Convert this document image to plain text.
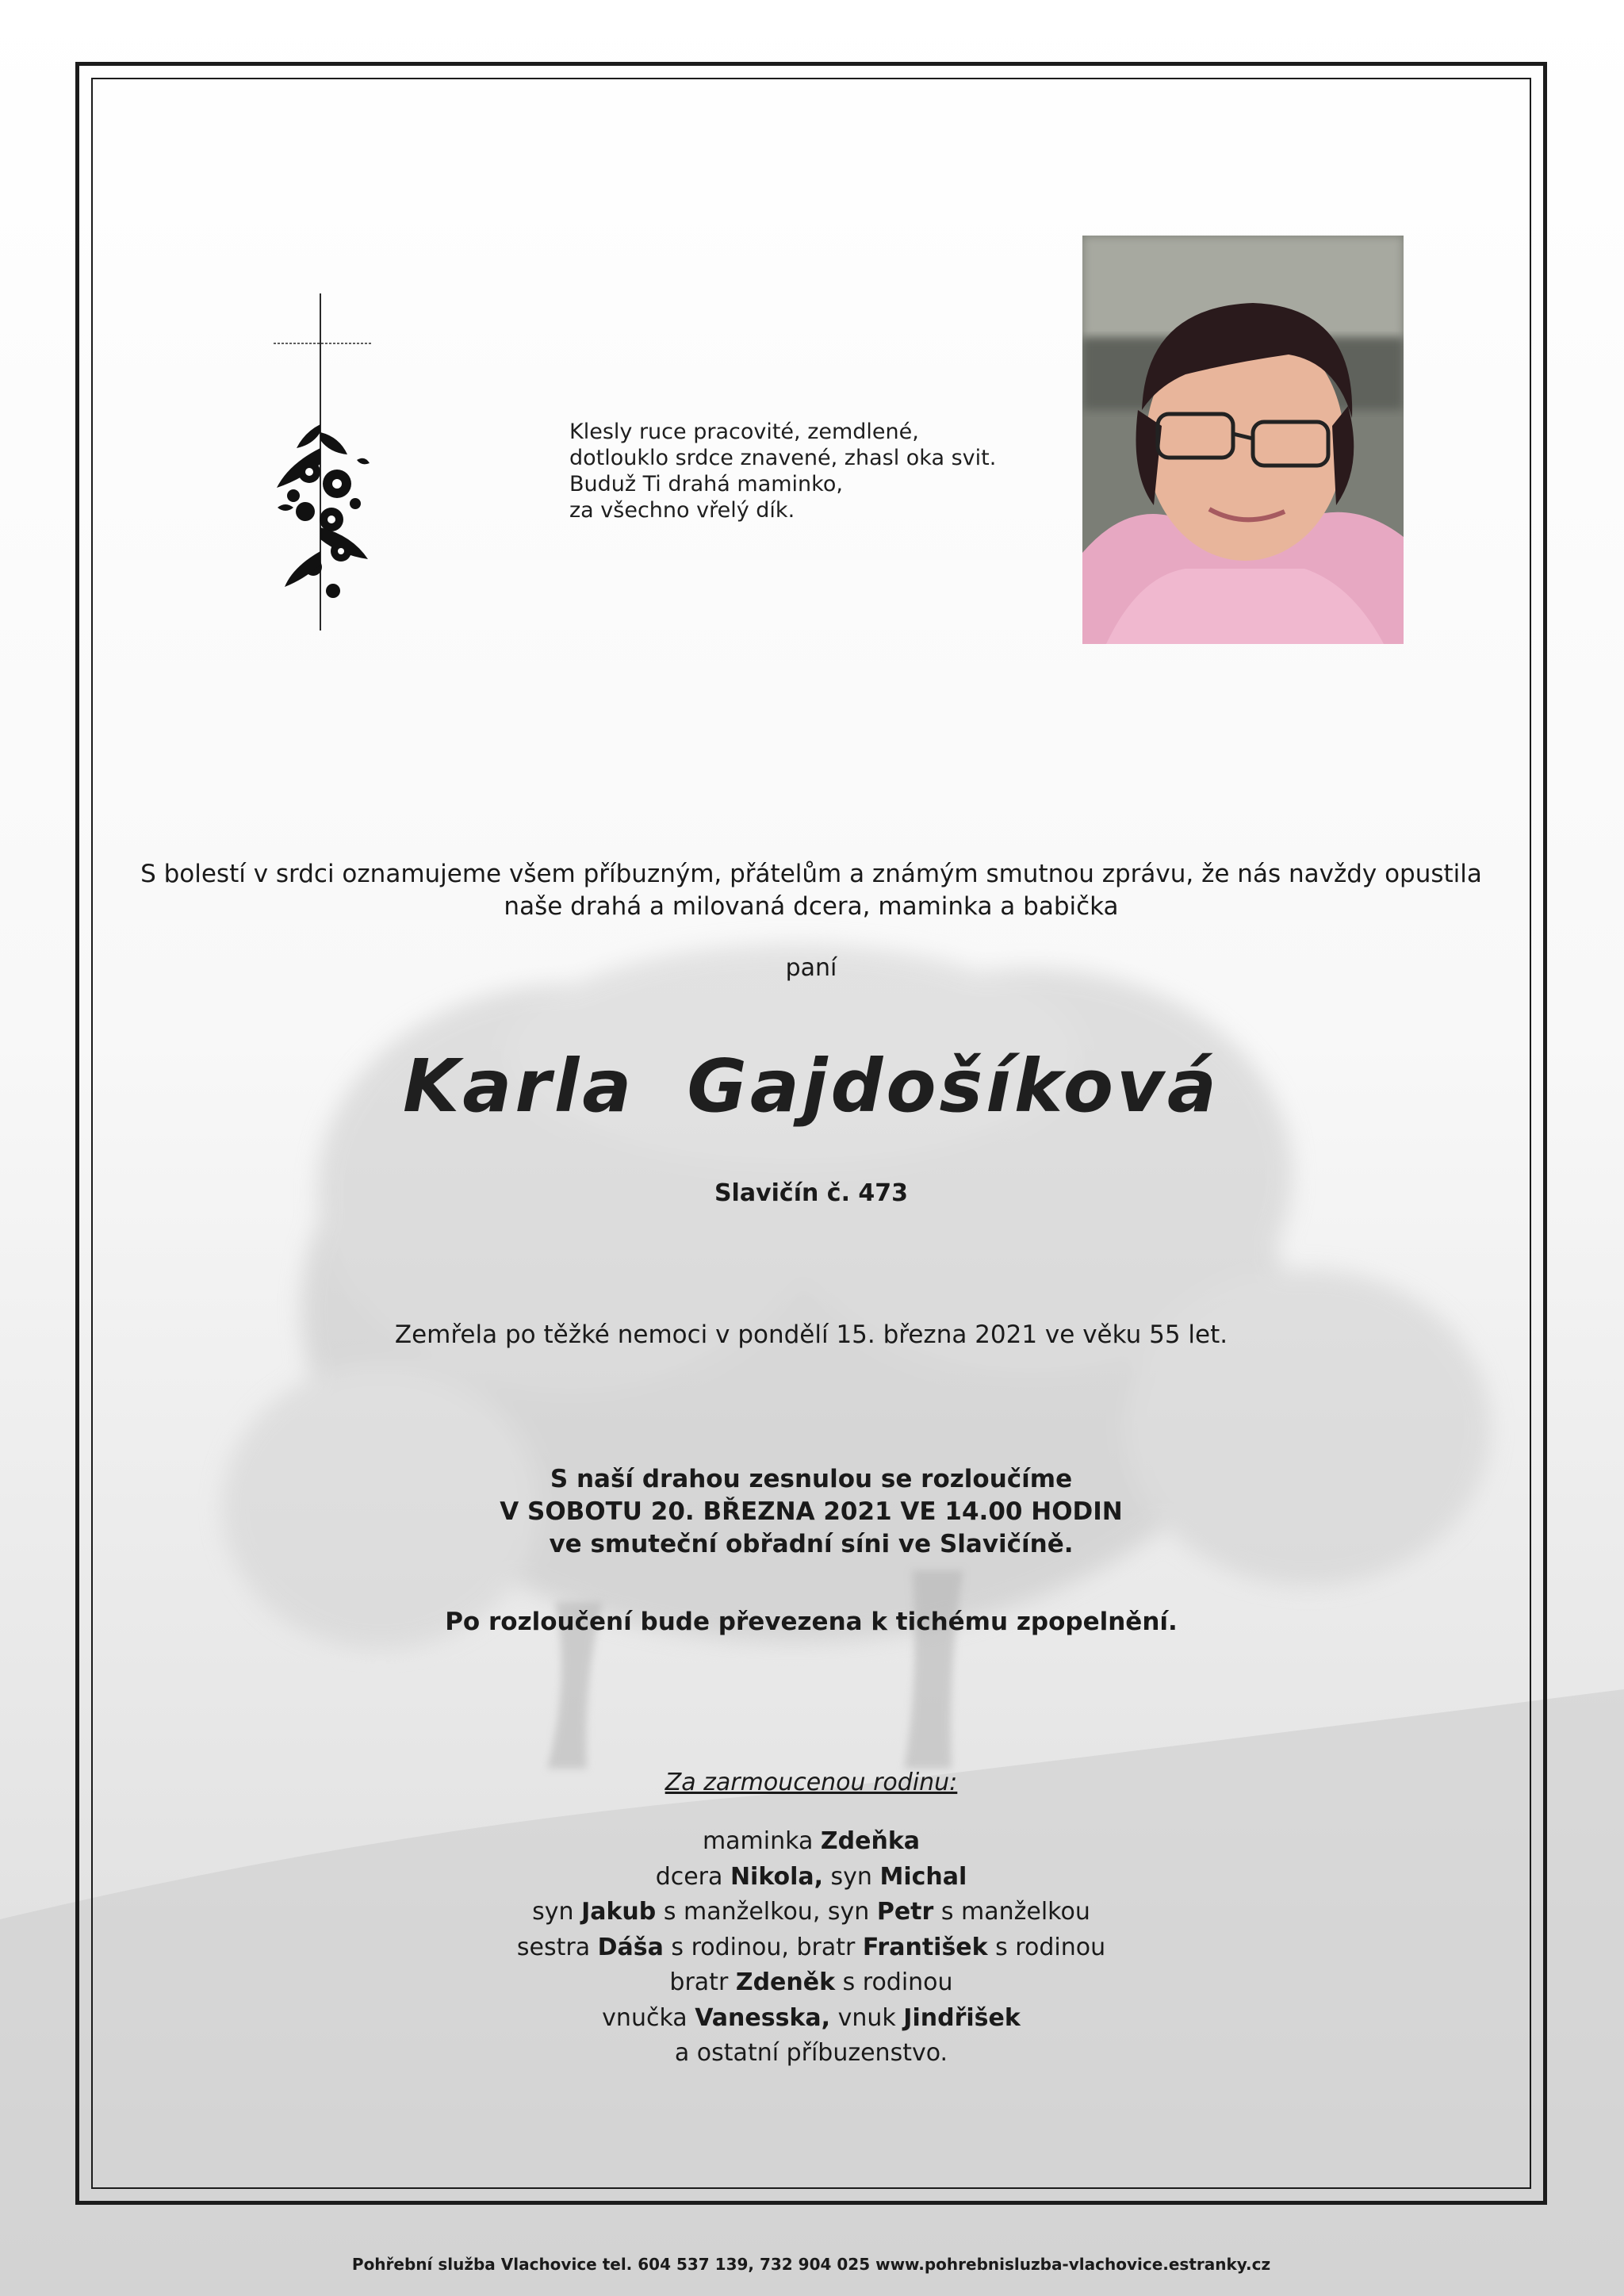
Klesly ruce pracovité, zemdlené,
dotlouklo srdce znavené, zhasl oka svit.
Buduž Ti drahá maminko,
za všechno vřelý dík.
S bolestí v srdci oznamujeme všem příbuzným, přátelům a známým smutnou zprávu, že nás navždy opustila
naše drahá a milovaná dcera, maminka a babička
paní
Karla Gajdošíková
Slavičín č. 473
Zemřela po těžké nemoci v pondělí 15. března 2021 ve věku 55 let.
S naší drahou zesnulou se rozloučíme
V SOBOTU 20. BŘEZNA 2021 VE 14.00 HODIN
ve smuteční obřadní síni ve Slavičíně.
Po rozloučení bude převezena k tichému zpopelnění.
Za zarmoucenou rodinu:
maminka Zdeňka
dcera Nikola, syn Michal
syn Jakub s manželkou, syn Petr s manželkou
sestra Dáša s rodinou, bratr František s rodinou
bratr Zdeněk s rodinou
vnučka Vanesska, vnuk Jindřišek
a ostatní příbuzenstvo.
Pohřební služba Vlachovice tel. 604 537 139, 732 904 025 www.pohrebnisluzba-vlachovice.estranky.cz
